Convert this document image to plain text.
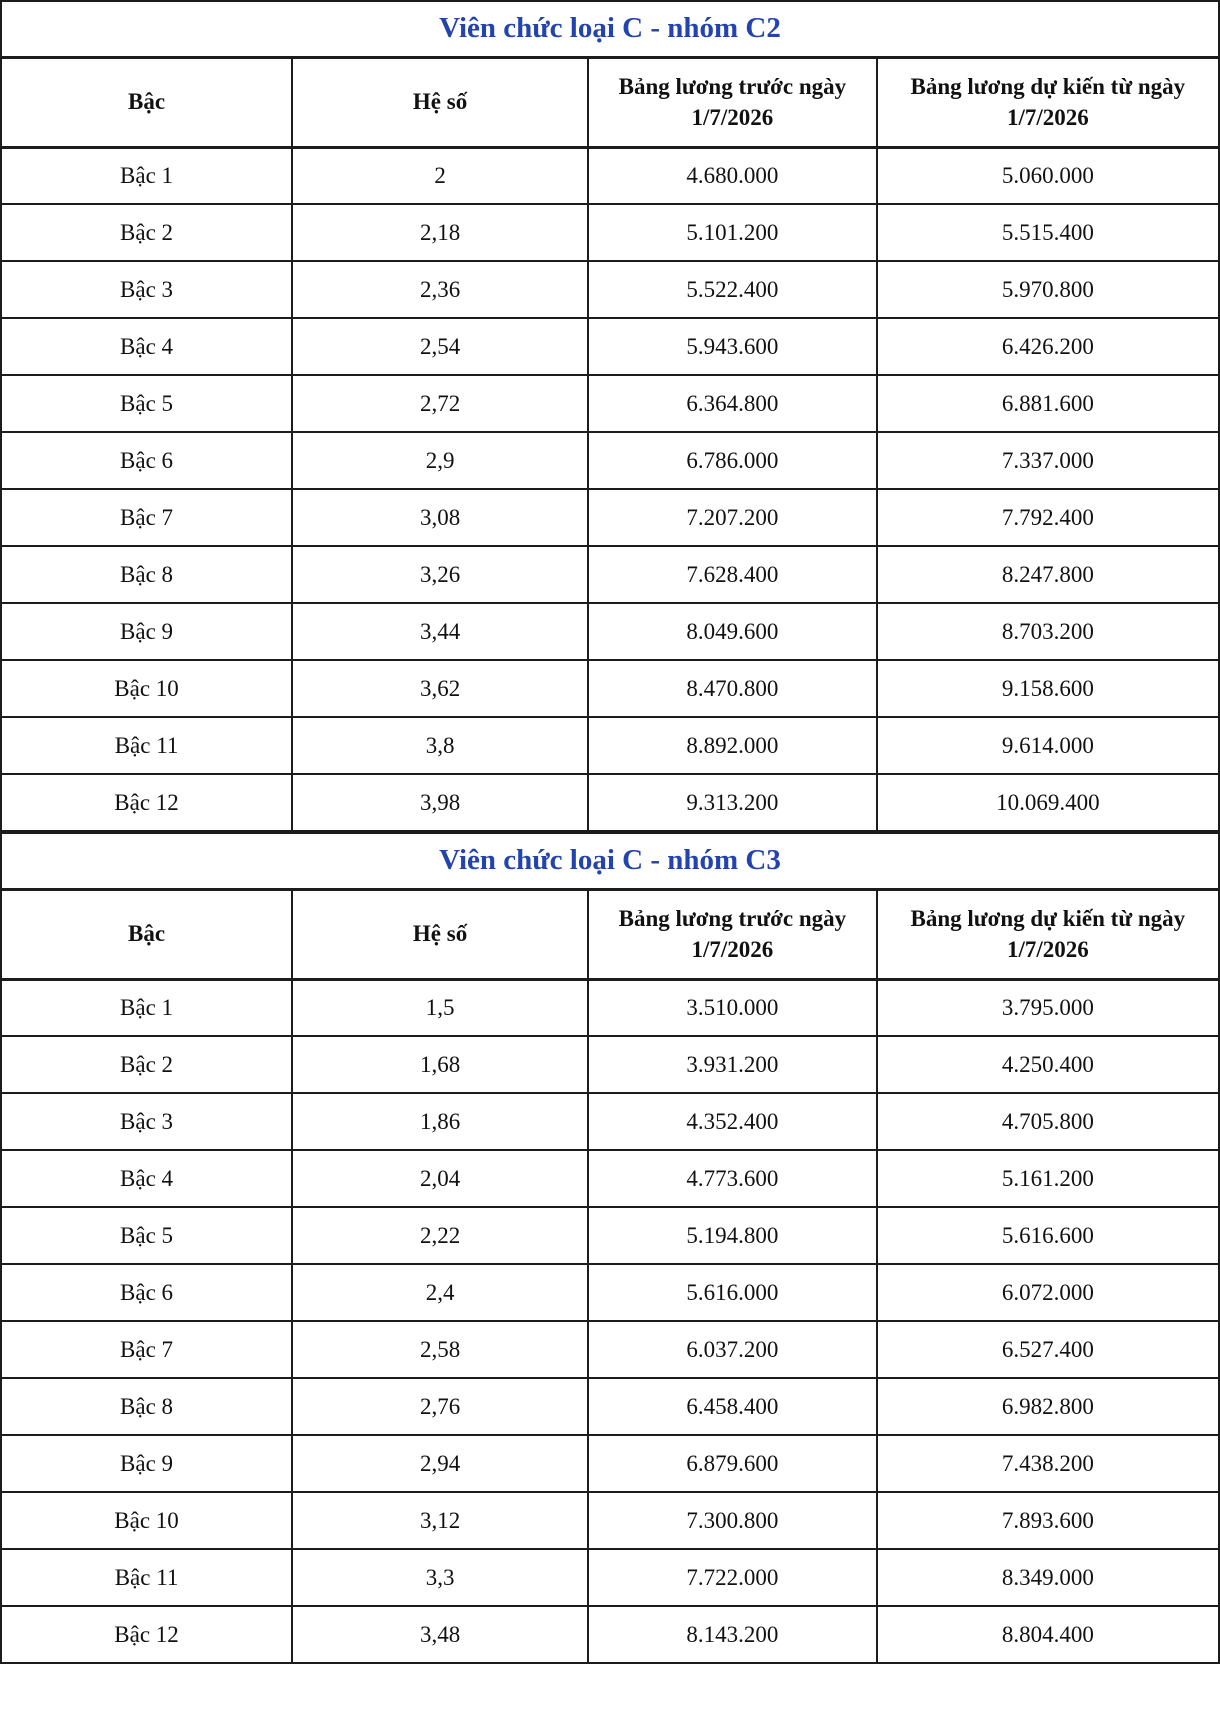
Viên chức loại C - nhóm C2			
Bậc	Hệ số	Bảng lương trước ngày 1/7/2026	Bảng lương dự kiến từ ngày 1/7/2026
Bậc 1	2	4.680.000	5.060.000
Bậc 2	2,18	5.101.200	5.515.400
Bậc 3	2,36	5.522.400	5.970.800
Bậc 4	2,54	5.943.600	6.426.200
Bậc 5	2,72	6.364.800	6.881.600
Bậc 6	2,9	6.786.000	7.337.000
Bậc 7	3,08	7.207.200	7.792.400
Bậc 8	3,26	7.628.400	8.247.800
Bậc 9	3,44	8.049.600	8.703.200
Bậc 10	3,62	8.470.800	9.158.600
Bậc 11	3,8	8.892.000	9.614.000
Bậc 12	3,98	9.313.200	10.069.400
Viên chức loại C - nhóm C3			
Bậc	Hệ số	Bảng lương trước ngày 1/7/2026	Bảng lương dự kiến từ ngày 1/7/2026
Bậc 1	1,5	3.510.000	3.795.000
Bậc 2	1,68	3.931.200	4.250.400
Bậc 3	1,86	4.352.400	4.705.800
Bậc 4	2,04	4.773.600	5.161.200
Bậc 5	2,22	5.194.800	5.616.600
Bậc 6	2,4	5.616.000	6.072.000
Bậc 7	2,58	6.037.200	6.527.400
Bậc 8	2,76	6.458.400	6.982.800
Bậc 9	2,94	6.879.600	7.438.200
Bậc 10	3,12	7.300.800	7.893.600
Bậc 11	3,3	7.722.000	8.349.000
Bậc 12	3,48	8.143.200	8.804.400
